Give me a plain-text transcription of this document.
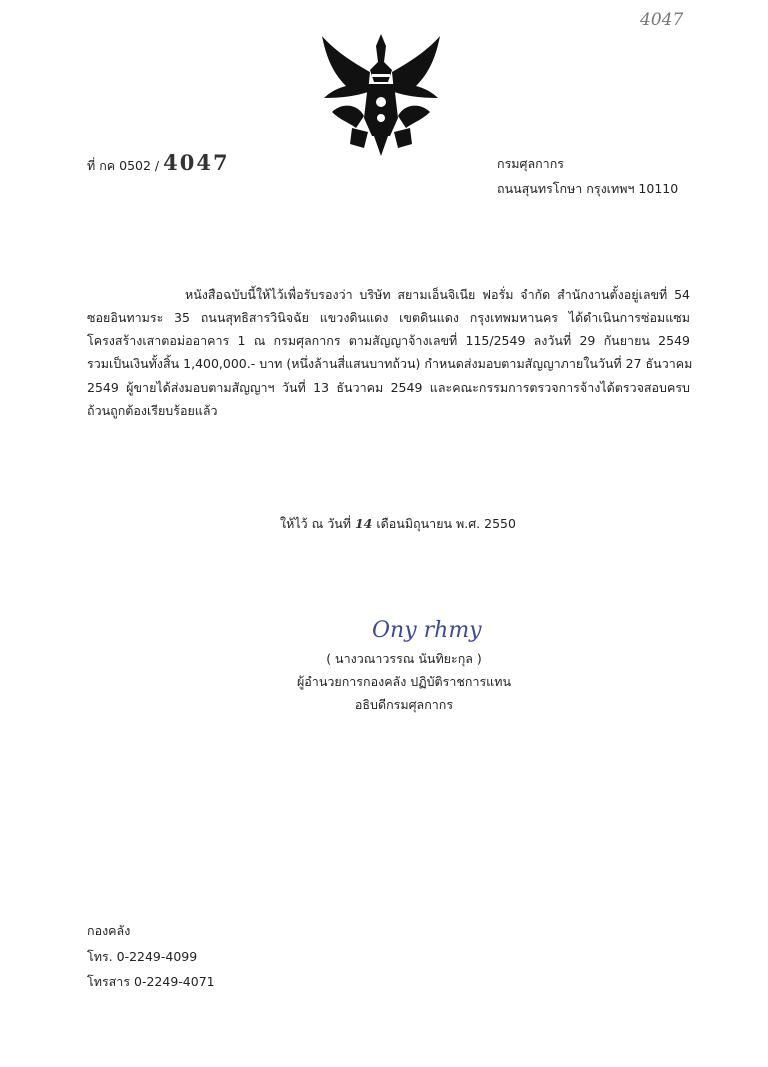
4047
ที่ กค 0502 / 4047	กรมศุลกากร
ถนนสุนทรโกษา กรุงเทพฯ 10110
หนังสือฉบับนี้ให้ไว้เพื่อรับรองว่า บริษัท สยามเอ็นจิเนีย ฟอรั่ม จำกัด สำนักงานตั้งอยู่เลขที่ 54
ซอยอินทามระ 35 ถนนสุทธิสารวินิจฉัย แขวงดินแดง เขตดินแดง กรุงเทพมหานคร ได้ดำเนินการซ่อมแซม
โครงสร้างเสาตอม่ออาคาร 1 ณ กรมศุลกากร ตามสัญญาจ้างเลขที่ 115/2549 ลงวันที่ 29 กันยายน 2549
รวมเป็นเงินทั้งสิ้น 1,400,000.- บาท (หนึ่งล้านสี่แสนบาทถ้วน) กำหนดส่งมอบตามสัญญาภายในวันที่ 27 ธันวาคม
2549 ผู้ขายได้ส่งมอบตามสัญญาฯ วันที่ 13 ธันวาคม 2549 และคณะกรรมการตรวจการจ้างได้ตรวจสอบครบ
ถ้วนถูกต้องเรียบร้อยแล้ว
ให้ไว้ ณ วันที่ 14 เดือนมิถุนายน พ.ศ. 2550
Ony rhmy
( นางวณาวรรณ นันทิยะกุล )
ผู้อำนวยการกองคลัง ปฏิบัติราชการแทน
อธิบดีกรมศุลกากร
กองคลัง
โทร. 0-2249-4099
โทรสาร 0-2249-4071
